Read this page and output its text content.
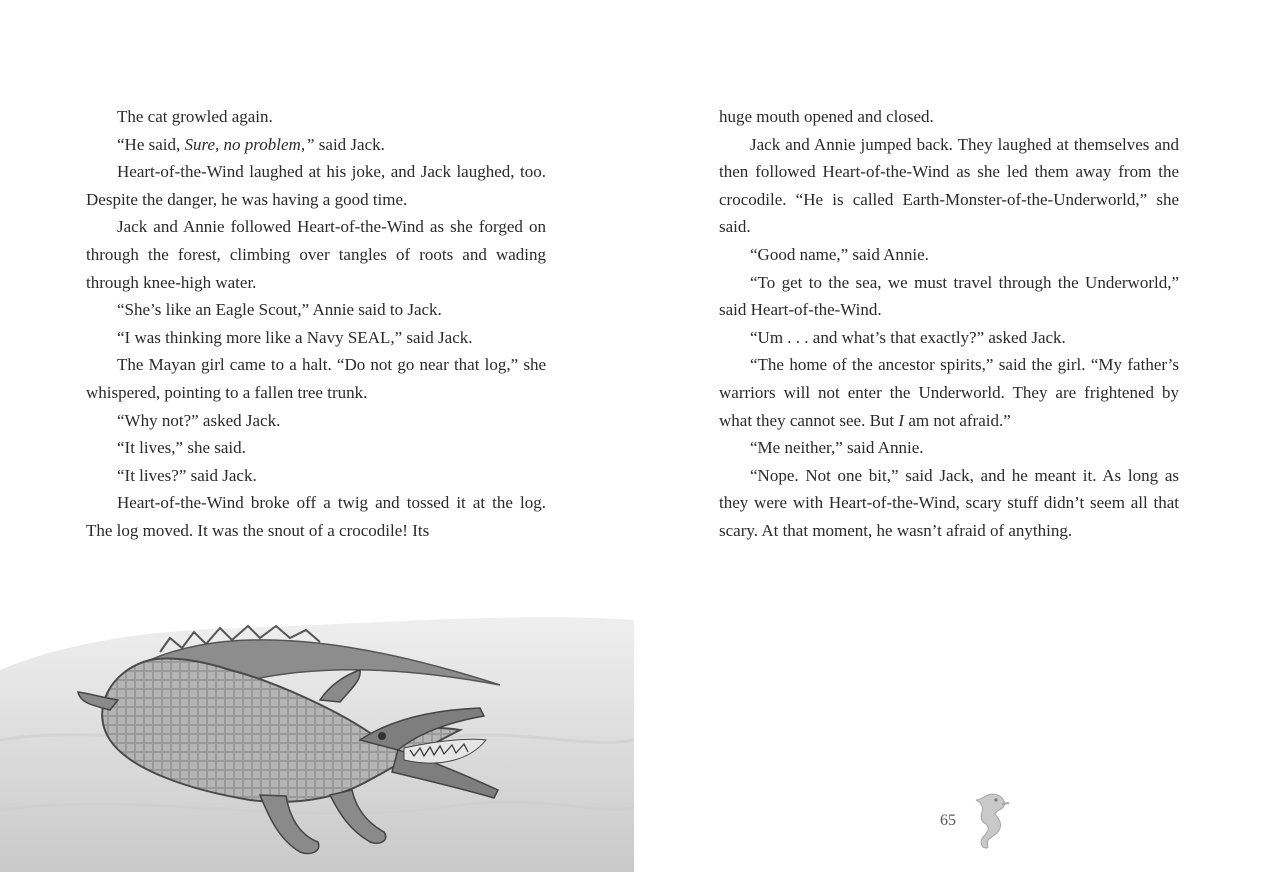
The cat growled again.

“He said, Sure, no problem,” said Jack.

Heart-of-the-Wind laughed at his joke, and Jack laughed, too. Despite the danger, he was having a good time.

Jack and Annie followed Heart-of-the-Wind as she forged on through the forest, climbing over tangles of roots and wading through knee-high water.

“She’s like an Eagle Scout,” Annie said to Jack.

“I was thinking more like a Navy SEAL,” said Jack.

The Mayan girl came to a halt. “Do not go near that log,” she whispered, pointing to a fallen tree trunk.

“Why not?” asked Jack.

“It lives,” she said.

“It lives?” said Jack.

Heart-of-the-Wind broke off a twig and tossed it at the log. The log moved. It was the snout of a crocodile! Its

huge mouth opened and closed.

Jack and Annie jumped back. They laughed at themselves and then followed Heart-of-the-Wind as she led them away from the crocodile. “He is called Earth-Monster-of-the-Underworld,” she said.

“Good name,” said Annie.

“To get to the sea, we must travel through the Underworld,” said Heart-of-the-Wind.

“Um . . . and what’s that exactly?” asked Jack.

“The home of the ancestor spirits,” said the girl. “My father’s warriors will not enter the Underworld. They are frightened by what they cannot see. But I am not afraid.”

“Me neither,” said Annie.

“Nope. Not one bit,” said Jack, and he meant it. As long as they were with Heart-of-the-Wind, scary stuff didn’t seem all that scary. At that moment, he wasn’t afraid of anything.

65
